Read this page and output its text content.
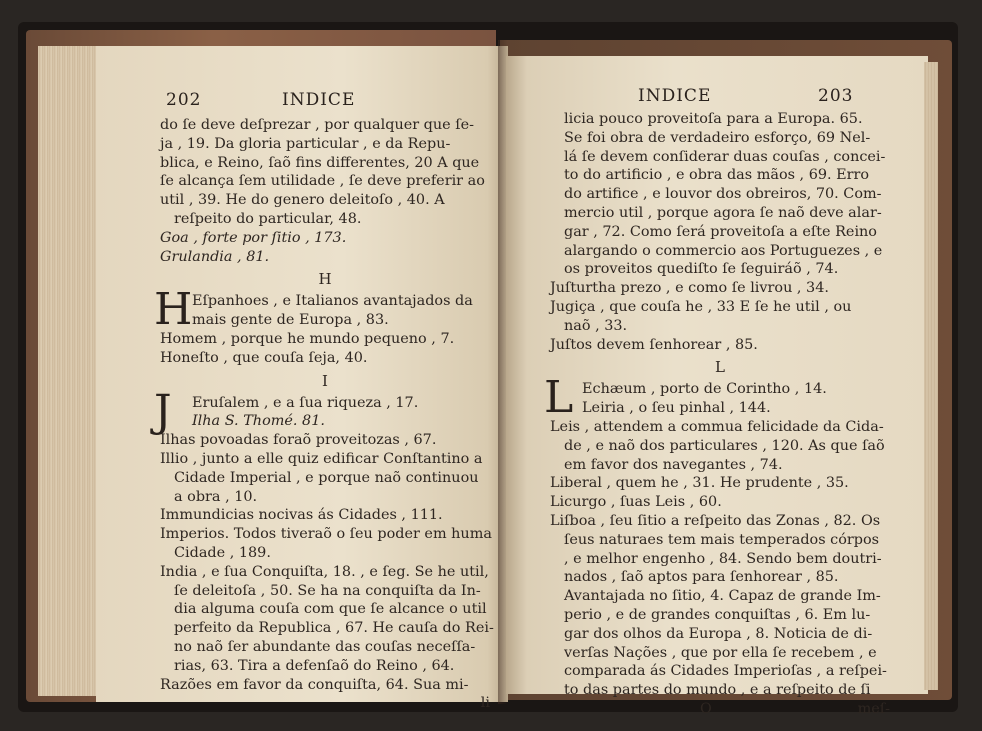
202	INDICE
do ſe deve deſprezar , por qualquer que ſe-
ja , 19. Da gloria particular , e da Repu-
blica, e Reino, ſaõ fins differentes, 20 A que
ſe alcança ſem utilidade , ſe deve preferir ao
util , 39. He do genero deleitoſo , 40. A
reſpeito do particular, 48.
Goa , forte por ſitio , 173.
Grulandia , 81.
H
H Eſpanhoes , e Italianos avantajados da
mais gente de Europa , 83.
Homem , porque he mundo pequeno , 7.
Honeſto , que couſa ſeja, 40.
I
J	Eruſalem , e a ſua riqueza , 17.
Ilha S. Thomé. 81.
Ilhas povoadas foraõ proveitozas , 67.
Illio , junto a elle quiz edificar Conſtantino a
Cidade Imperial , e porque naõ continuou
a obra , 10.
Immundicias nocivas ás Cidades , 111.
Imperios. Todos tiveraõ o ſeu poder em huma
Cidade , 189.
India , e ſua Conquiſta, 18. , e ſeg. Se he util,
ſe deleitoſa , 50. Se ha na conquiſta da In-
dia alguma couſa com que ſe alcance o util
perfeito da Republica , 67. He cauſa do Rei-
no naõ ſer abundante das couſas neceſſa-
rias, 63. Tira a defenſaõ do Reino , 64.
Razões em favor da conquiſta, 64. Sua mi-
li
INDICE	203
licia pouco proveitoſa para a Europa. 65.
Se foi obra de verdadeiro esforço, 69 Nel-
lá ſe devem conſiderar duas couſas , concei-
to do artificio , e obra das mãos , 69. Erro
do artifice , e louvor dos obreiros, 70. Com-
mercio util , porque agora ſe naõ deve alar-
gar , 72. Como ſerá proveitoſa a eſte Reino
alargando o commercio aos Portuguezes , e
os proveitos quediſto ſe ſeguiráõ , 74.
Juſturtha prezo , e como ſe livrou , 34.
Jugiça , que couſa he , 33 E ſe he util , ou
naõ , 33.
Juſtos devem ſenhorear , 85.
L
L Echæum , porto de Corintho , 14.
Leiria , o ſeu pinhal , 144.
Leis , attendem a commua felicidade da Cida-
de , e naõ dos particulares , 120. As que ſaõ
em favor dos navegantes , 74.
Liberal , quem he , 31. He prudente , 35.
Licurgo , ſuas Leis , 60.
Liſboa , ſeu ſitio a reſpeito das Zonas , 82. Os
ſeus naturaes tem mais temperados córpos
, e melhor engenho , 84. Sendo bem doutri-
nados , ſaõ aptos para ſenhorear , 85.
Avantajada no ſitio, 4. Capaz de grande Im-
perio , e de grandes conquiſtas , 6. Em lu-
gar dos olhos da Europa , 8. Noticia de di-
verſas Nações , que por ella ſe recebem , e
comparada ás Cidades Imperioſas , a reſpei-
to das partes do mundo , e a reſpeito de ſi
O	meſ-
